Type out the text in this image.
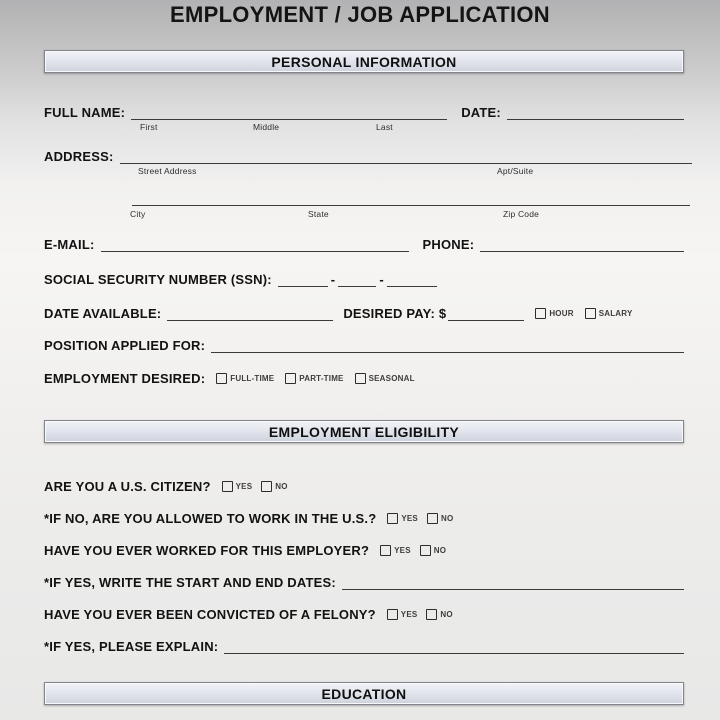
EMPLOYMENT / JOB APPLICATION
PERSONAL INFORMATION
FULL NAME:	DATE:
First	Middle	Last
ADDRESS:
Street Address	Apt/Suite
City	State	Zip Code
E-MAIL:	PHONE:
SOCIAL SECURITY NUMBER (SSN):	-	-
DATE AVAILABLE:	DESIRED PAY: $	HOUR	SALARY
POSITION APPLIED FOR:
EMPLOYMENT DESIRED:	FULL-TIME	PART-TIME	SEASONAL
EMPLOYMENT ELIGIBILITY
ARE YOU A U.S. CITIZEN?	YES	NO
*IF NO, ARE YOU ALLOWED TO WORK IN THE U.S.?	YES	NO
HAVE YOU EVER WORKED FOR THIS EMPLOYER?	YES	NO
*IF YES, WRITE THE START AND END DATES:
HAVE YOU EVER BEEN CONVICTED OF A FELONY?	YES	NO
*IF YES, PLEASE EXPLAIN:
EDUCATION
